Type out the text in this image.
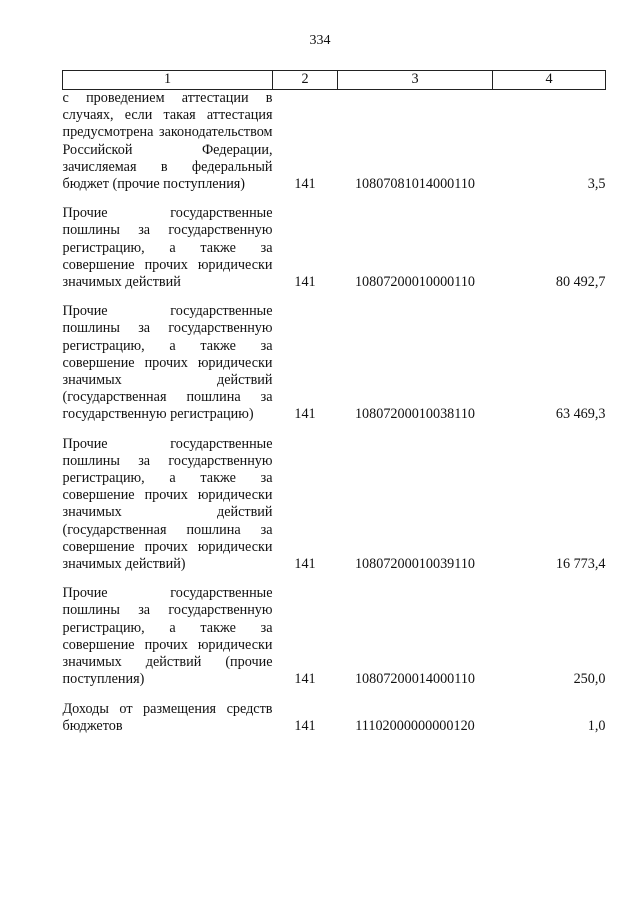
334
1	2	3	4
с проведением аттестации в случаях, если такая аттестация предусмотрена законодательством Российской Федерации, зачисляемая в федеральный бюджет (прочие поступления)	141	10807081014000110	3,5

Прочие государственные пошлины за государственную регистрацию, а также за совершение прочих юридически значимых действий	141	10807200010000110	80 492,7

Прочие государственные пошлины за государственную регистрацию, а также за совершение прочих юридически значимых действий (государственная пошлина за государственную регистрацию)	141	10807200010038110	63 469,3

Прочие государственные пошлины за государственную регистрацию, а также за совершение прочих юридически значимых действий (государственная пошлина за совершение прочих юридически значимых действий)	141	10807200010039110	16 773,4

Прочие государственные пошлины за государственную регистрацию, а также за совершение прочих юридически значимых действий (прочие поступления)	141	10807200014000110	250,0

Доходы от размещения средств бюджетов	141	11102000000000120	1,0
